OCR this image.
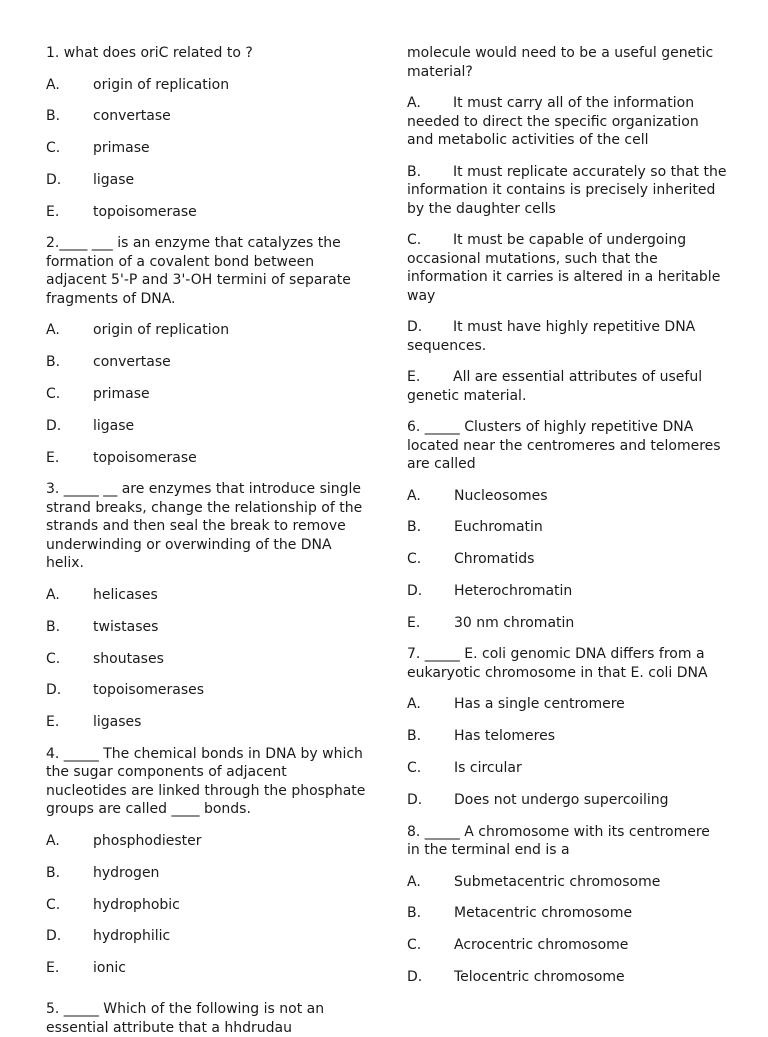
1. what does oriC related to ?
A.	origin of replication
B.	convertase
C.	primase
D.	ligase
E.	topoisomerase
2.____ ___ is an enzyme that catalyzes the formation of a covalent bond between adjacent 5'-P and 3'-OH termini of separate fragments of DNA.
A.	origin of replication
B.	convertase
C.	primase
D.	ligase
E.	topoisomerase
3. _____ __ are enzymes that introduce single strand breaks, change the relationship of the strands and then seal the break to remove underwinding or overwinding of the DNA helix.
A.	helicases
B.	twistases
C.	shoutases
D.	topoisomerases
E.	ligases
4. _____ The chemical bonds in DNA by which the sugar components of adjacent nucleotides are linked through the phosphate groups are called ____ bonds.
A.	phosphodiester
B.	hydrogen
C.	hydrophobic
D.	hydrophilic
E.	ionic
5. _____ Which of the following is not an essential attribute that a hhdrudau
molecule would need to be a useful genetic material?
A. It must carry all of the information needed to direct the specific organization and metabolic activities of the cell
B. It must replicate accurately so that the information it contains is precisely inherited by the daughter cells
C. It must be capable of undergoing occasional mutations, such that the information it carries is altered in a heritable way
D. It must have highly repetitive DNA sequences.
E. All are essential attributes of useful genetic material.
6. _____ Clusters of highly repetitive DNA located near the centromeres and telomeres are called
A.	Nucleosomes
B.	Euchromatin
C.	Chromatids
D.	Heterochromatin
E.	30 nm chromatin
7. _____ E. coli genomic DNA differs from a eukaryotic chromosome in that E. coli DNA
A.	Has a single centromere
B.	Has telomeres
C.	Is circular
D.	Does not undergo supercoiling
8. _____ A chromosome with its centromere in the terminal end is a
A.	Submetacentric chromosome
B.	Metacentric chromosome
C.	Acrocentric chromosome
D.	Telocentric chromosome
